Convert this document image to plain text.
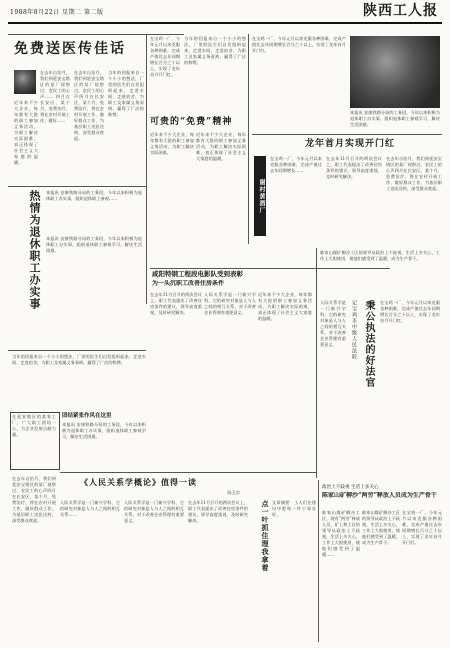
1988年8月22日 星期二 第二版	陕西工人报
免费送医传佳话
在去年自治月，我们到延安宝塔区的某厂视察过，农民工的心声…… 四月在长安区，某个月，免费治疗，将在农村开展工作，做好……
在去年自治月，我们到延安宝塔区的某厂视察过，农民工的心声四月在长安区，某个月，免费治疗，将在农村开展工作，做好群众工作，为基层职工送医送药，深受群众欢迎。
当年的回报来自一个小小的想法，厂里的医生们自发组织起来，走进车间、走进宿舍，为职工及家属义务看病，赢得了广泛的称赞。
近年来不少大企业，每年都有大批的职工参加义务活动，为职工解决实际困难，真正体现了社会主义大家庭的温暖。
在宝鸡一厂，今年元月以来克服各种困难，完成产值比去年同期增长百分之十以上，实现了龙年首月开门红。
可贵的“免费”精神
近年来不少大企业，每年都有大批的职工参加义务活动，为职工解决实际困难。
近年来不少大企业，每年都有大批的职工参加义务活动，为职工解决实际困难，真正体现了社会主义大家庭的温暖。
当年的回报来自一个小小的想法，厂里的医生们自发组织起来，走进车间、走进宿舍，为职工及家属义务看病，赢得了广泛的称赞。
在宝鸡一厂，今年元月以来克服各种困难，完成产值比去年同期增长百分之十以上，实现了龙年首月开门红。
本报讯 安康铁路分局的工务段，今年以来积极为退休职工办实事，组织退休职工参观学习，解决生活困难。
龙年首月实现开门红
谢村黄酒厂
在宝鸡一厂，今年元月以来克服各种困难，完成产值比去年同期增长……
在去年11月召开的两次会议上，职工代表提出了改善住房条件的建议，领导高度重视，及时研究解决。
在去年自治月，我们到延安宝塔区的某厂视察过，农民工的心声四月在长安区，某个月，免费治疗，将在农村开展工作，做好群众工作，为基层职工送医送药，深受群众欢迎。
热情为退休职工办实事 本报讯 安康铁路分局的工务段，今年以来积极为退休职工办实事，组织退休职工参观……
本报讯 安康铁路分局的工务段，今年以来积极为退休职工办实事，组织退休职工参观学习，解决生活困难。
咸阳特钢工程段电影队受到表彰
为一头沉职工改善住房条件
在去年11月召开的两次会议上，职工代表提出了改善住房条件的建议，领导高度重视，及时研究解决。
人际关系学是一门新兴学科，它的研究对象是人与人之间的相互关系，对于改善企业管理有重要意义。
近年来不少大企业，每年都有大批的职工参加义务活动，为职工解决实际困难，真正体现了社会主义大家庭的温暖。	秉公执法的好法官
记宝鸡市中级人民法院
陈家山煤矿柳沙工区的领导从政治上不歧视，生活上多关心，工作上大胆使用，使他们感受到了温暖，成为生产骨干。
人际关系学是一门新兴学科，它的研究对象是人与人之间的相互关系，对于改善企业管理有重要意义。
在宝鸡一厂，今年元月以来克服各种困难，完成产值比去年同期增长百分之十以上，实现了龙年首月开门红。
当年的回报来自一个小小的想法，厂里的医生们自发组织起来，走进车间、走进宿舍，为职工及家属义务看病，赢得了广泛的称赞。
在延安地区的某家工厂，广大职工团结一心，为企业发展贡献力量。
团结紧张作风在这里
本报讯 安康铁路分局的工务段，今年以来积极为退休职工办实事，组织退休职工参观学习，解决生活困难。
《人民关系学概论》值得一读
陈玉宗
人际关系学是一门新兴学科，它的研究对象是人与人之间的相互关系……
人际关系学是一门新兴学科，它的研究对象是人与人之间的相互关系，对于改善企业管理有重要意义。
在去年11月召开的两次会议上，职工代表提出了改善住房条件的建议，领导高度重视，及时研究解决。
在去年自治月，我们到延安宝塔区的某厂视察过，农民工的心声四月在长安区，某个月，免费治疗，将在农村开展工作，做好群众工作，为基层职工送医送药，深受群众欢迎。	点一叶抓住理我拿着 文章摘要：工人们在建设中把每一件小事办好。
政治上不歧视 生活上多关心
陈家山矿柳沙“两劳”释放人员成为生产骨干
陈家山煤矿柳沙工区，现有“两劳”释放人员，矿上和工区的领导从政治上不歧视，生活上多关心，工作上大胆使用，使他们感受到了温暖……
陈家山煤矿柳沙工区的领导从政治上不歧视，生活上多关心，工作上大胆使用，使他们感受到了温暖，成为生产骨干。
在宝鸡一厂，今年元月以来克服各种困难，完成产值比去年同期增长百分之十以上，实现了龙年首月开门红。
